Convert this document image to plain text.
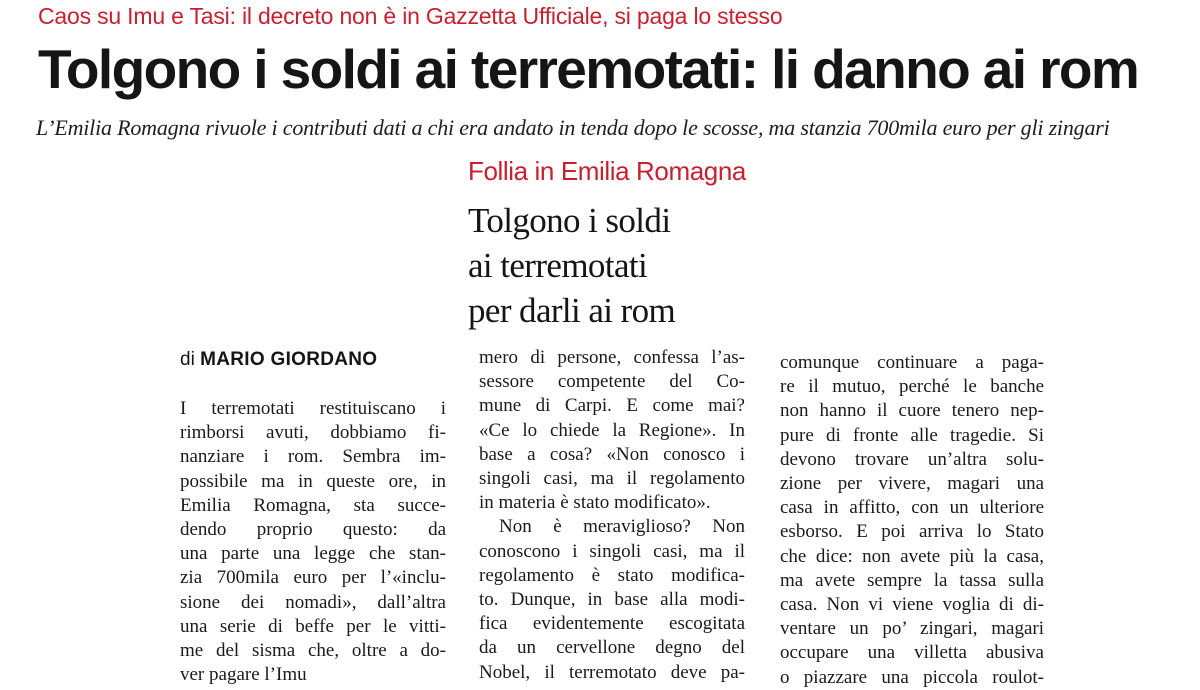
Caos su Imu e Tasi: il decreto non è in Gazzetta Ufficiale, si paga lo stesso
Tolgono i soldi ai terremotati: li danno ai rom
L’Emilia Romagna rivuole i contributi dati a chi era andato in tenda dopo le scosse, ma stanzia 700mila euro per gli zingari
Follia in Emilia Romagna
Tolgono i soldi
ai terremotati
per darli ai rom
di MARIO GIORDANO
I terremotati restituiscano i
rimborsi avuti, dobbiamo fi-
nanziare i rom. Sembra im-
possibile ma in queste ore, in
Emilia Romagna, sta succe-
dendo proprio questo: da
una parte una legge che stan-
zia 700mila euro per l’«inclu-
sione dei nomadi», dall’altra
una serie di beffe per le vitti-
me del sisma che, oltre a do-
ver pagare l’Imu
mero di persone, confessa l’as-
sessore competente del Co-
mune di Carpi. E come mai?
«Ce lo chiede la Regione». In
base a cosa? «Non conosco i
singoli casi, ma il regolamento
in materia è stato modificato».
Non è meraviglioso? Non
conoscono i singoli casi, ma il
regolamento è stato modifica-
to. Dunque, in base alla modi-
fica evidentemente escogitata
da un cervellone degno del
Nobel, il terremotato deve pa-
comunque continuare a paga-
re il mutuo, perché le banche
non hanno il cuore tenero nep-
pure di fronte alle tragedie. Si
devono trovare un’altra solu-
zione per vivere, magari una
casa in affitto, con un ulteriore
esborso. E poi arriva lo Stato
che dice: non avete più la casa,
ma avete sempre la tassa sulla
casa. Non vi viene voglia di di-
ventare un po’ zingari, magari
occupare una villetta abusiva
o piazzare una piccola roulot-
